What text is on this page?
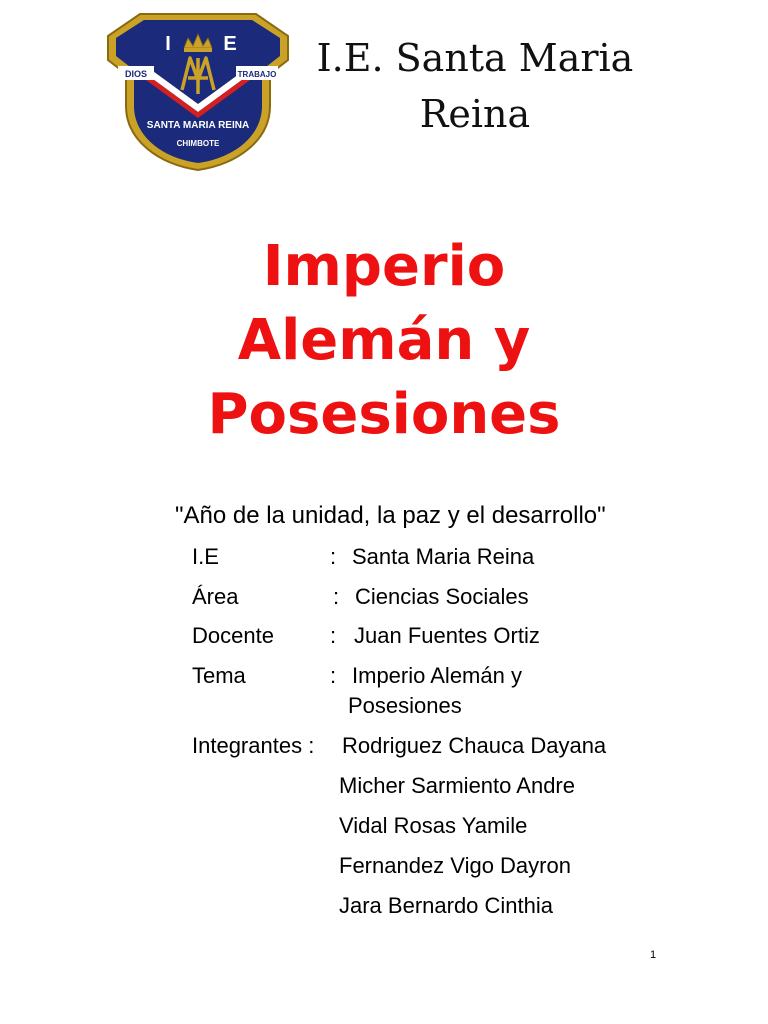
DIOS	TRABAJO
I	E
SANTA MARIA REINA
CHIMBOTE
I.E. Santa Maria
Reina
Imperio
Alemán y
Posesiones
"Año de la unidad, la paz y el desarrollo"
I.E	: Santa Maria Reina
Área	: Ciencias Sociales
Docente	: Juan Fuentes Ortiz
Tema	: Imperio Alemán y
Posesiones
Integrantes : Rodriguez Chauca Dayana
Micher Sarmiento Andre
Vidal Rosas Yamile
Fernandez Vigo Dayron
Jara Bernardo Cinthia
1
